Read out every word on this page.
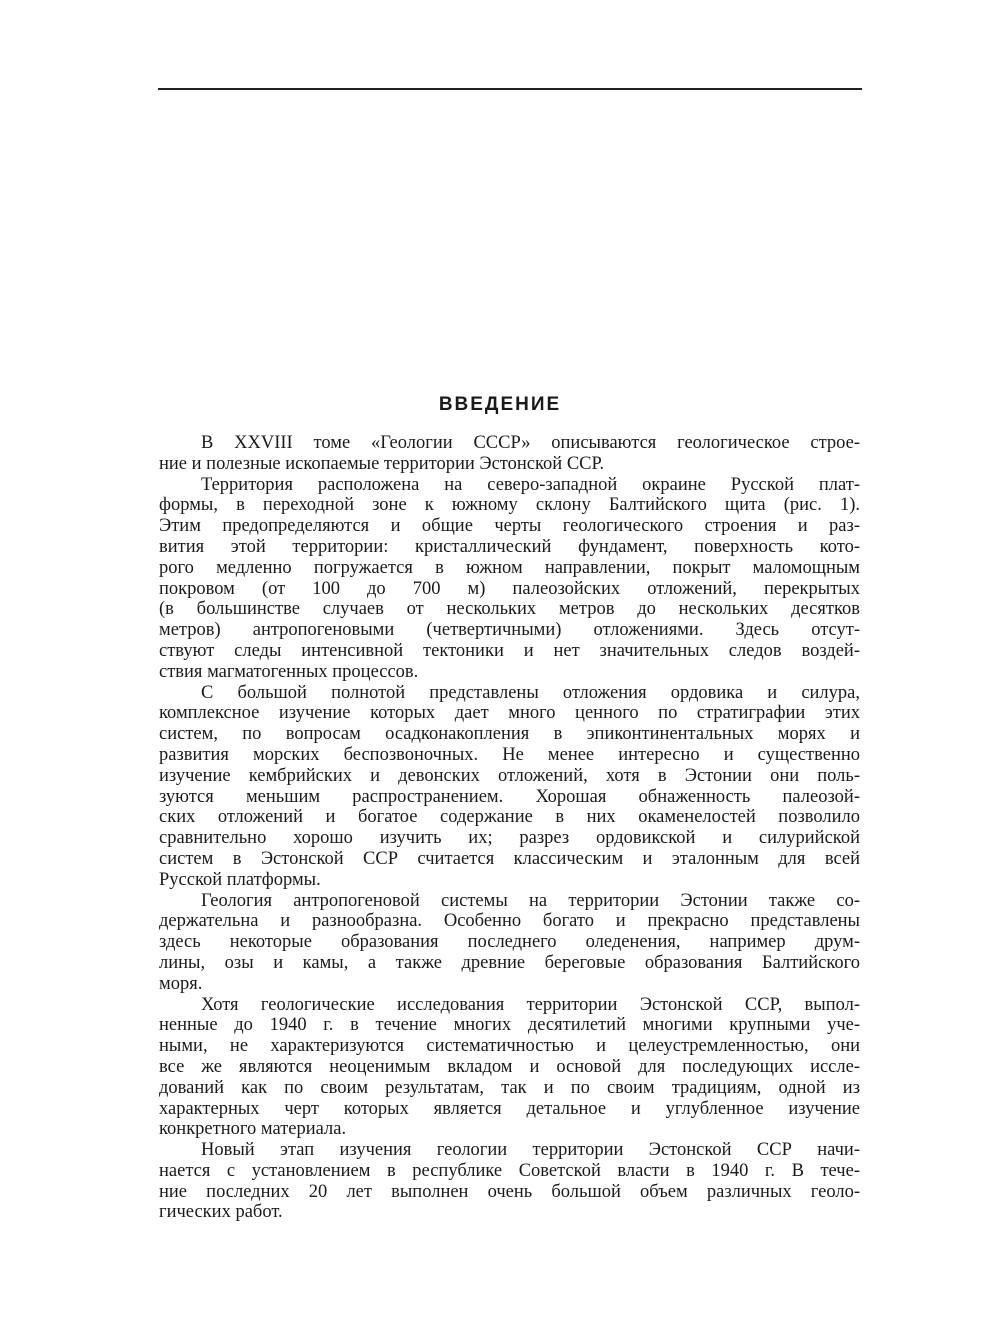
ВВЕДЕНИЕ

В XXVIII томе «Геологии СССР» описываются геологическое строе-
ние и полезные ископаемые территории Эстонской ССР.

Территория расположена на северо-западной окраине Русской плат-
формы, в переходной зоне к южному склону Балтийского щита (рис. 1).
Этим предопределяются и общие черты геологического строения и раз-
вития этой территории: кристаллический фундамент, поверхность кото-
рого медленно погружается в южном направлении, покрыт маломощным
покровом (от 100 до 700 м) палеозойских отложений, перекрытых
(в большинстве случаев от нескольких метров до нескольких десятков
метров) антропогеновыми (четвертичными) отложениями. Здесь отсут-
ствуют следы интенсивной тектоники и нет значительных следов воздей-
ствия магматогенных процессов.

С большой полнотой представлены отложения ордовика и силура,
комплексное изучение которых дает много ценного по стратиграфии этих
систем, по вопросам осадконакопления в эпиконтинентальных морях и
развития морских беспозвоночных. Не менее интересно и существенно
изучение кембрийских и девонских отложений, хотя в Эстонии они поль-
зуются меньшим распространением. Хорошая обнаженность палеозой-
ских отложений и богатое содержание в них окаменелостей позволило
сравнительно хорошо изучить их; разрез ордовикской и силурийской
систем в Эстонской ССР считается классическим и эталонным для всей
Русской платформы.

Геология антропогеновой системы на территории Эстонии также со-
держательна и разнообразна. Особенно богато и прекрасно представлены
здесь некоторые образования последнего оледенения, например друм-
лины, озы и камы, а также древние береговые образования Балтийского
моря.

Хотя геологические исследования территории Эстонской ССР, выпол-
ненные до 1940 г. в течение многих десятилетий многими крупными уче-
ными, не характеризуются систематичностью и целеустремленностью, они
все же являются неоценимым вкладом и основой для последующих иссле-
дований как по своим результатам, так и по своим традициям, одной из
характерных черт которых является детальное и углубленное изучение
конкретного материала.

Новый этап изучения геологии территории Эстонской ССР начи-
нается с установлением в республике Советской власти в 1940 г. В тече-
ние последних 20 лет выполнен очень большой объем различных геоло-
гических работ.
